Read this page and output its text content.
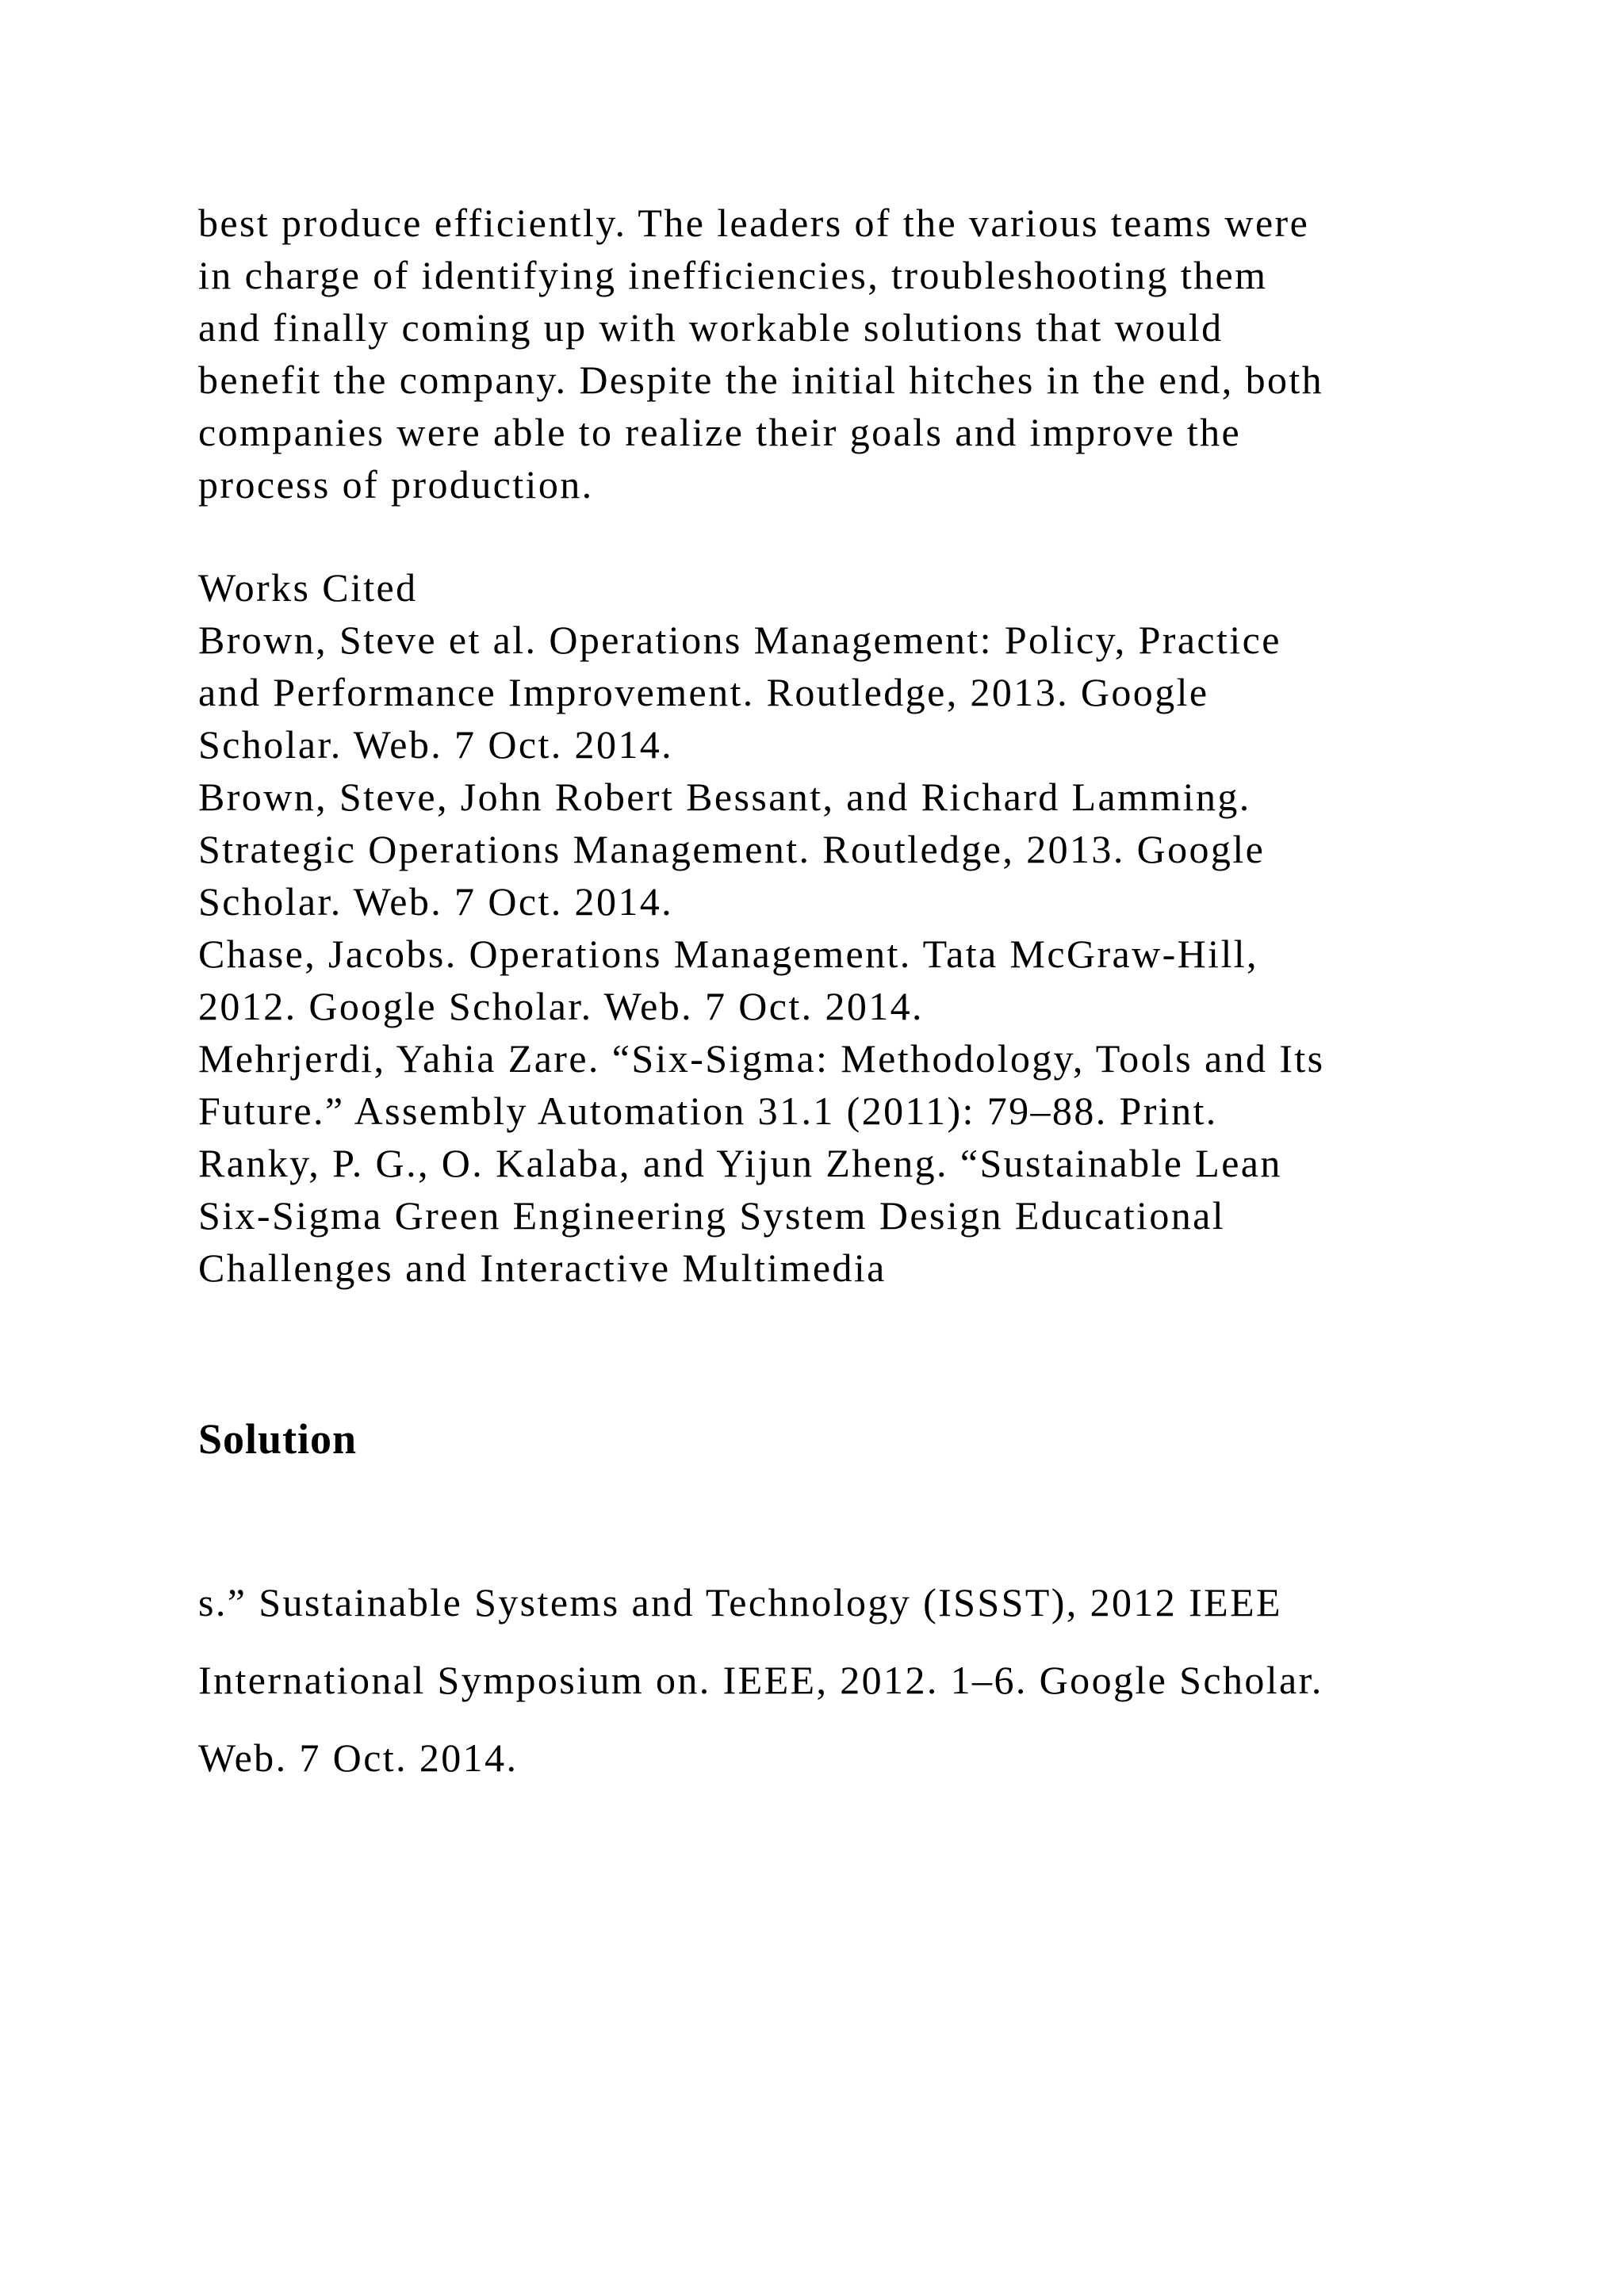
best produce efficiently. The leaders of the various teams were
in charge of identifying inefficiencies, troubleshooting them
and finally coming up with workable solutions that would
benefit the company. Despite the initial hitches in the end, both
companies were able to realize their goals and improve the
process of production.
Works Cited
Brown, Steve et al. Operations Management: Policy, Practice
and Performance Improvement. Routledge, 2013. Google
Scholar. Web. 7 Oct. 2014.
Brown, Steve, John Robert Bessant, and Richard Lamming.
Strategic Operations Management. Routledge, 2013. Google
Scholar. Web. 7 Oct. 2014.
Chase, Jacobs. Operations Management. Tata McGraw-Hill,
2012. Google Scholar. Web. 7 Oct. 2014.
Mehrjerdi, Yahia Zare. “Six-Sigma: Methodology, Tools and Its
Future.” Assembly Automation 31.1 (2011): 79–88. Print.
Ranky, P. G., O. Kalaba, and Yijun Zheng. “Sustainable Lean
Six-Sigma Green Engineering System Design Educational
Challenges and Interactive Multimedia
Solution
s.” Sustainable Systems and Technology (ISSST), 2012 IEEE
International Symposium on. IEEE, 2012. 1–6. Google Scholar.
Web. 7 Oct. 2014.
